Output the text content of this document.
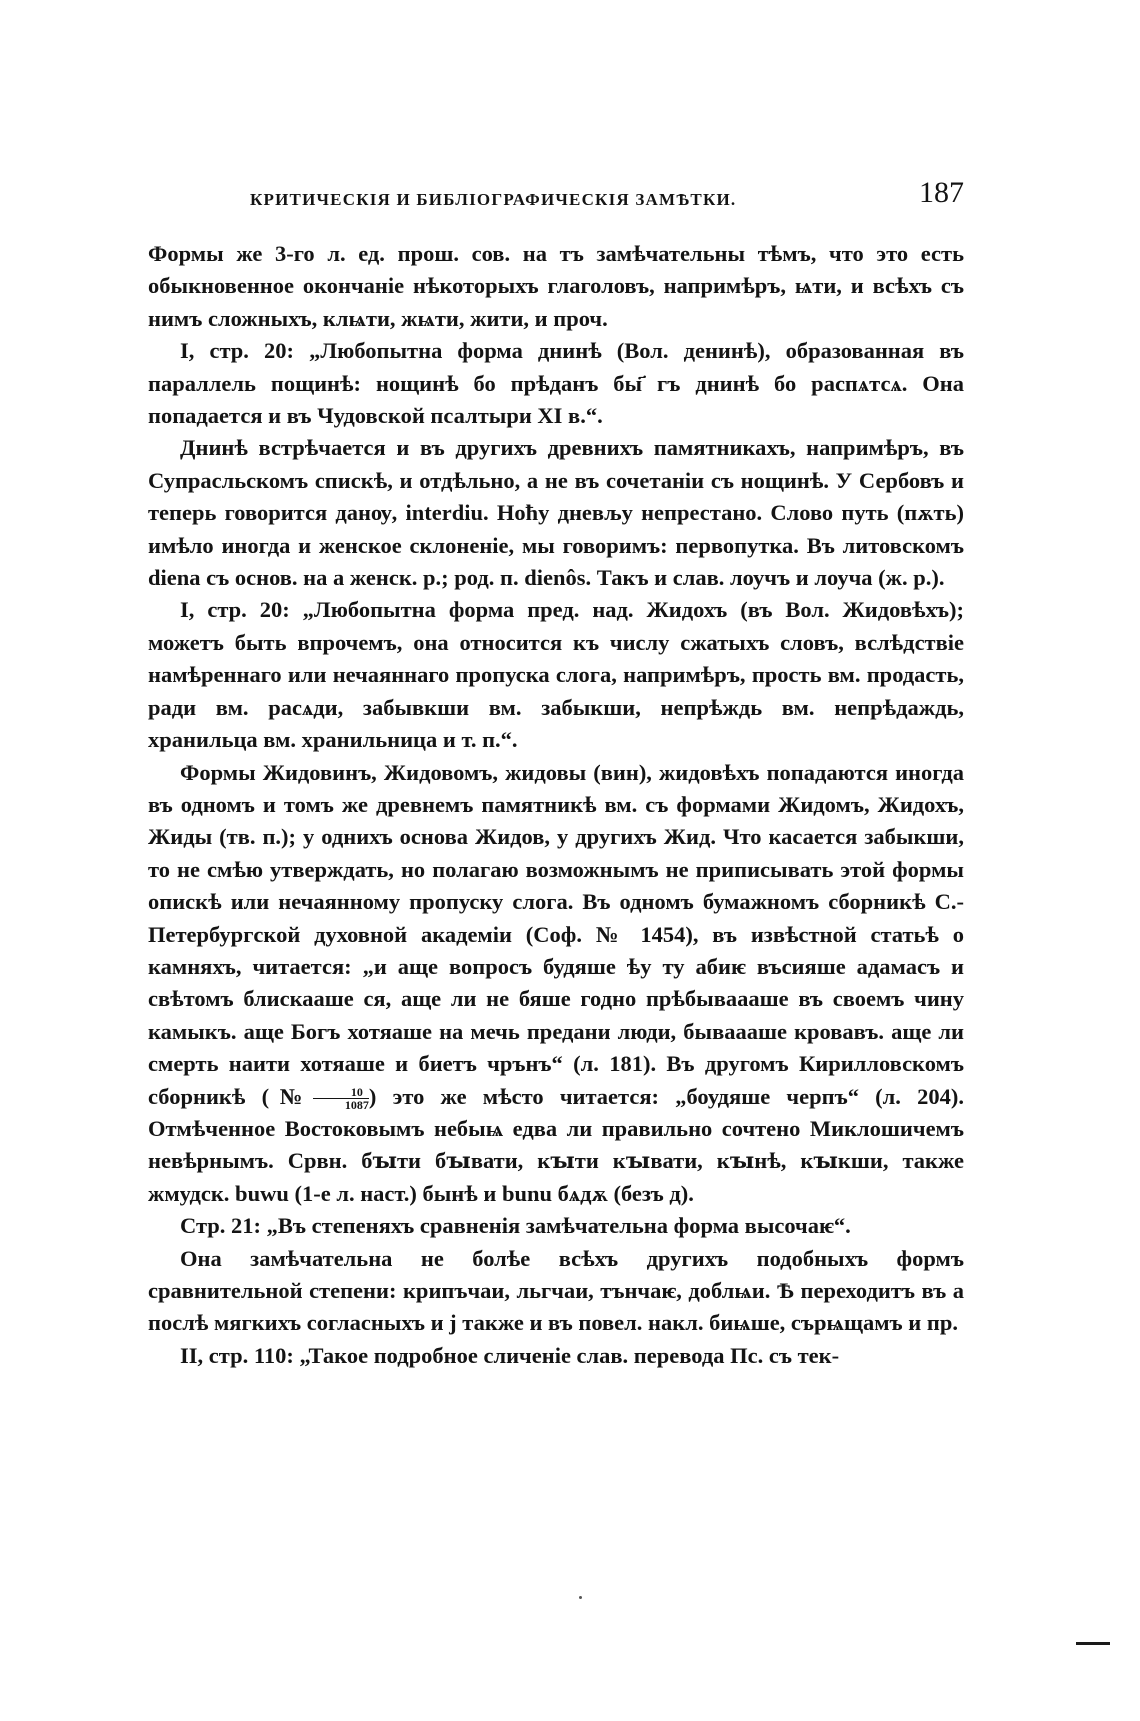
КРИТИЧЕСКІЯ И БИБЛІОГРАФИЧЕСКІЯ ЗАМѢТКИ.	187

Формы же 3-го л. ед. прош. сов. на тъ замѣчательны тѣмъ, что это есть обыкновенное окончаніе нѣкоторыхъ глаголовъ, напримѣръ, ѩти, и всѣхъ съ нимъ сложныхъ, клѩти, жѩти, жити, и проч.

I, стр. 20: „Любопытна форма днинѣ (Вол. денинѣ), образованная въ параллель пощинѣ: нощинѣ бо прѣданъ бы҃ гъ днинѣ бо распѧтсѧ. Она попадается и въ Чудовской псалтыри XI в.“.

Днинѣ встрѣчается и въ другихъ древнихъ памятникахъ, напримѣръ, въ Супрасльскомъ спискѣ, и отдѣльно, а не въ сочетаніи съ нощинѣ. У Сербовъ и теперь говорится данѹ, interdiu. Ноћу дневљу непрестано. Слово путь (пѫть) имѣло иногда и женское склоненіе, мы говоримъ: первопутка. Въ литовскомъ diena съ основ. на а женск. р.; род. п. dienôs. Такъ и слав. лоучъ и лоуча (ж. р.).

I, стр. 20: „Любопытна форма пред. над. Жидохъ (въ Вол. Жидовѣхъ); можетъ быть впрочемъ, она относится къ числу сжатыхъ словъ, вслѣдствіе намѣреннаго или нечаяннаго пропуска слога, напримѣръ, прость вм. продасть, ради вм. расѧди, забывкши вм. забыкши, непрѣждь вм. непрѣдаждь, хранильца вм. хранильница и т. п.“.

Формы Жидовинъ, Жидовомъ, жидовы (вин), жидовѣхъ попадаются иногда въ одномъ и томъ же древнемъ памятникѣ вм. съ формами Жидомъ, Жидохъ, Жиды (тв. п.); у однихъ основа Жидов, у другихъ Жид. Что касается забыкши, то не смѣю утверждать, но полагаю возможнымъ не приписывать этой формы опискѣ или нечаянному пропуску слога. Въ одномъ бумажномъ сборникѣ С.-Петербургской духовной академіи (Соф. № 1454), въ извѣстной статьѣ о камняхъ, читается: „и аще вопросъ будяше ѣу ту абиѥ въсияше адамасъ и свѣтомъ блискааше ся, аще ли не бяше годно прѣбываааше въ своемъ чину камыкъ. аще Богъ хотяаше на мечь предани люди, бываааше кровавъ. аще ли смерть наити хотяаше и биетъ чрънъ“ (л. 181). Въ другомъ Кирилловскомъ сборникѣ (№ $\frac{10}{1087}$ ) это же мѣсто читается: „боудяше черпъ“ (л. 204). Отмѣченное Востоковымъ небыѩ едва ли правильно сочтено Миклошичемъ невѣрнымъ. Срвн. бꙑти бꙑвати, кꙑти кꙑвати, кꙑнѣ, кꙑкши, также жмудск. buwu (1-е л. наст.) бынѣ и bunu бѧдѫ (безъ д).

Стр. 21: „Въ степеняхъ сравненія замѣчательна форма высочаѥ“.

Она замѣчательна не болѣе всѣхъ другихъ подобныхъ формъ сравнительной степени: крипъчаи, льгчаи, тънчаѥ, доблѩи. Ѣ переходитъ въ а послѣ мягкихъ согласныхъ и j также и въ повел. накл. биѩше, сърѩщамъ и пр.

II, стр. 110: „Такое подробное сличеніе слав. перевода Пс. съ тек-
